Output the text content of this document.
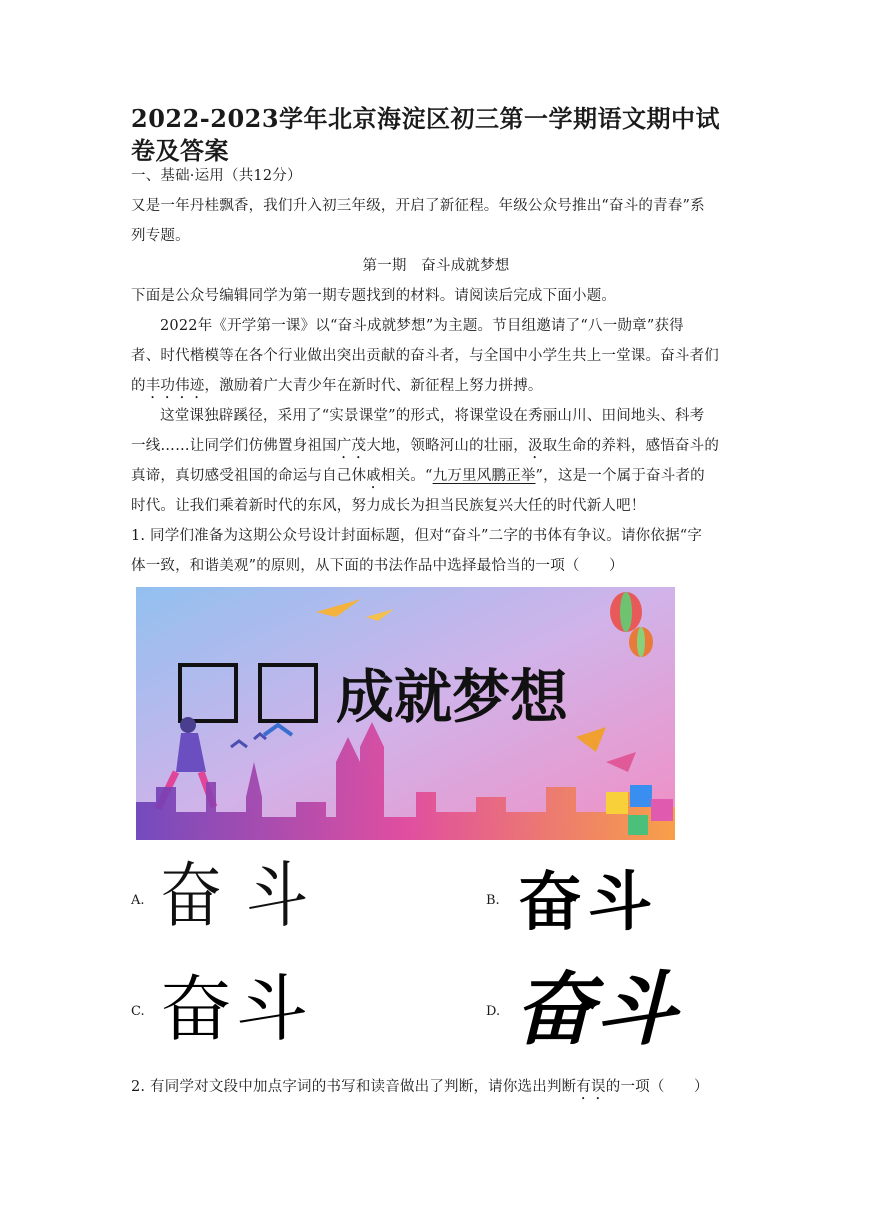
2022-2023学年北京海淀区初三第一学期语文期中试卷及答案
一、基础·运用（共12分）
又是一年丹桂飘香，我们升入初三年级，开启了新征程。年级公众号推出“奋斗的青春”系
列专题。
第一期　奋斗成就梦想
下面是公众号编辑同学为第一期专题找到的材料。请阅读后完成下面小题。
2022年《开学第一课》以“奋斗成就梦想”为主题。节目组邀请了“八一勋章”获得
者、时代楷模等在各个行业做出突出贡献的奋斗者，与全国中小学生共上一堂课。奋斗者们
的丰功伟迹，激励着广大青少年在新时代、新征程上努力拼搏。
这堂课独辟蹊径，采用了“实景课堂”的形式，将课堂设在秀丽山川、田间地头、科考
一线……让同学们仿佛置身祖国广茂大地，领略河山的壮丽，汲取生命的养料，感悟奋斗的
真谛，真切感受祖国的命运与自己休戚相关。“九万里风鹏正举”，这是一个属于奋斗者的
时代。让我们乘着新时代的东风，努力成长为担当民族复兴大任的时代新人吧！
1. 同学们准备为这期公众号设计封面标题，但对“奋斗”二字的书体有争议。请你依据“字
体一致，和谐美观”的原则，从下面的书法作品中选择最恰当的一项（　　）
成就梦想
A. 奋斗	B. 奋斗
C. 奋斗	D. 奋斗
2. 有同学对文段中加点字词的书写和读音做出了判断，请你选出判断有误的一项（　　）
